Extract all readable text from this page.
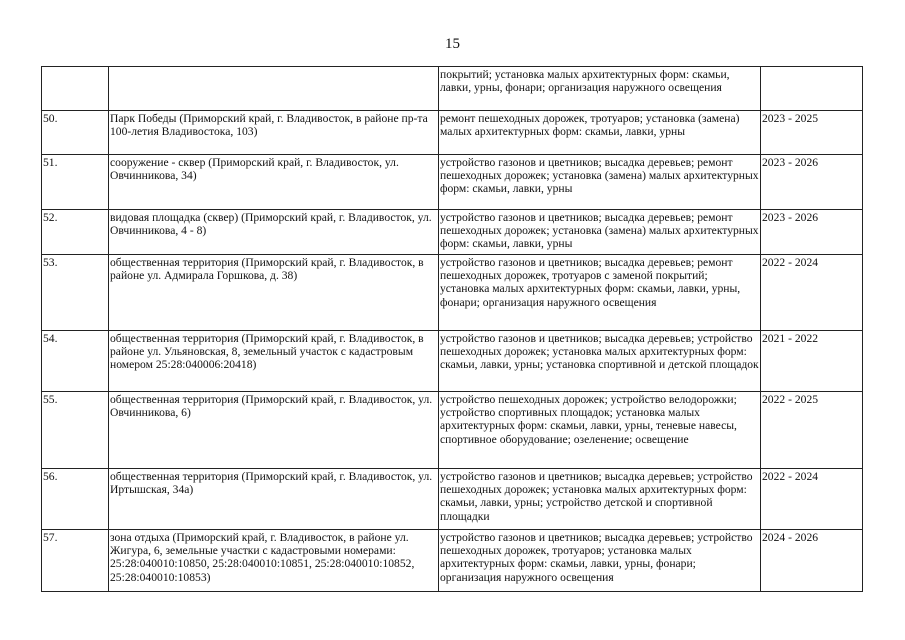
15
		покрытий; установка малых архитектурных форм: скамьи, лавки, урны, фонари; организация наружного освещения	
50.	Парк Победы (Приморский край, г. Владивосток, в районе пр-та 100-летия Владивостока, 103)	ремонт пешеходных дорожек, тротуаров; установка (замена) малых архитектурных форм: скамьи, лавки, урны	2023 - 2025
51.	сооружение - сквер (Приморский край, г. Владивосток, ул. Овчинникова, 34)	устройство газонов и цветников; высадка деревьев; ремонт пешеходных дорожек; установка (замена) малых архитектурных форм: скамьи, лавки, урны	2023 - 2026
52.	видовая площадка (сквер) (Приморский край, г. Владивосток, ул. Овчинникова, 4 - 8)	устройство газонов и цветников; высадка деревьев; ремонт пешеходных дорожек; установка (замена) малых архитектурных форм: скамьи, лавки, урны	2023 - 2026
53.	общественная территория (Приморский край, г. Владивосток, в районе ул. Адмирала Горшкова, д. 38)	устройство газонов и цветников; высадка деревьев; ремонт пешеходных дорожек, тротуаров с заменой покрытий; установка малых архитектурных форм: скамьи, лавки, урны, фонари; организация наружного освещения	2022 - 2024
54.	общественная территория (Приморский край, г. Владивосток, в районе ул. Ульяновская, 8, земельный участок с кадастровым номером 25:28:040006:20418)	устройство газонов и цветников; высадка деревьев; устройство пешеходных дорожек; установка малых архитектурных форм: скамьи, лавки, урны; установка спортивной и детской площадок	2021 - 2022
55.	общественная территория (Приморский край, г. Владивосток, ул. Овчинникова, 6)	устройство пешеходных дорожек; устройство велодорожки; устройство спортивных площадок; установка малых архитектурных форм: скамьи, лавки, урны, теневые навесы, спортивное оборудование; озеленение; освещение	2022 - 2025
56.	общественная территория (Приморский край, г. Владивосток, ул. Иртышская, 34а)	устройство газонов и цветников; высадка деревьев; устройство пешеходных дорожек; установка малых архитектурных форм: скамьи, лавки, урны; устройство детской и спортивной площадки	2022 - 2024
57.	зона отдыха (Приморский край, г. Владивосток, в районе ул. Жигура, 6, земельные участки с кадастровыми номерами: 25:28:040010:10850, 25:28:040010:10851, 25:28:040010:10852, 25:28:040010:10853)	устройство газонов и цветников; высадка деревьев; устройство пешеходных дорожек, тротуаров; установка малых архитектурных форм: скамьи, лавки, урны, фонари; организация наружного освещения	2024 - 2026
